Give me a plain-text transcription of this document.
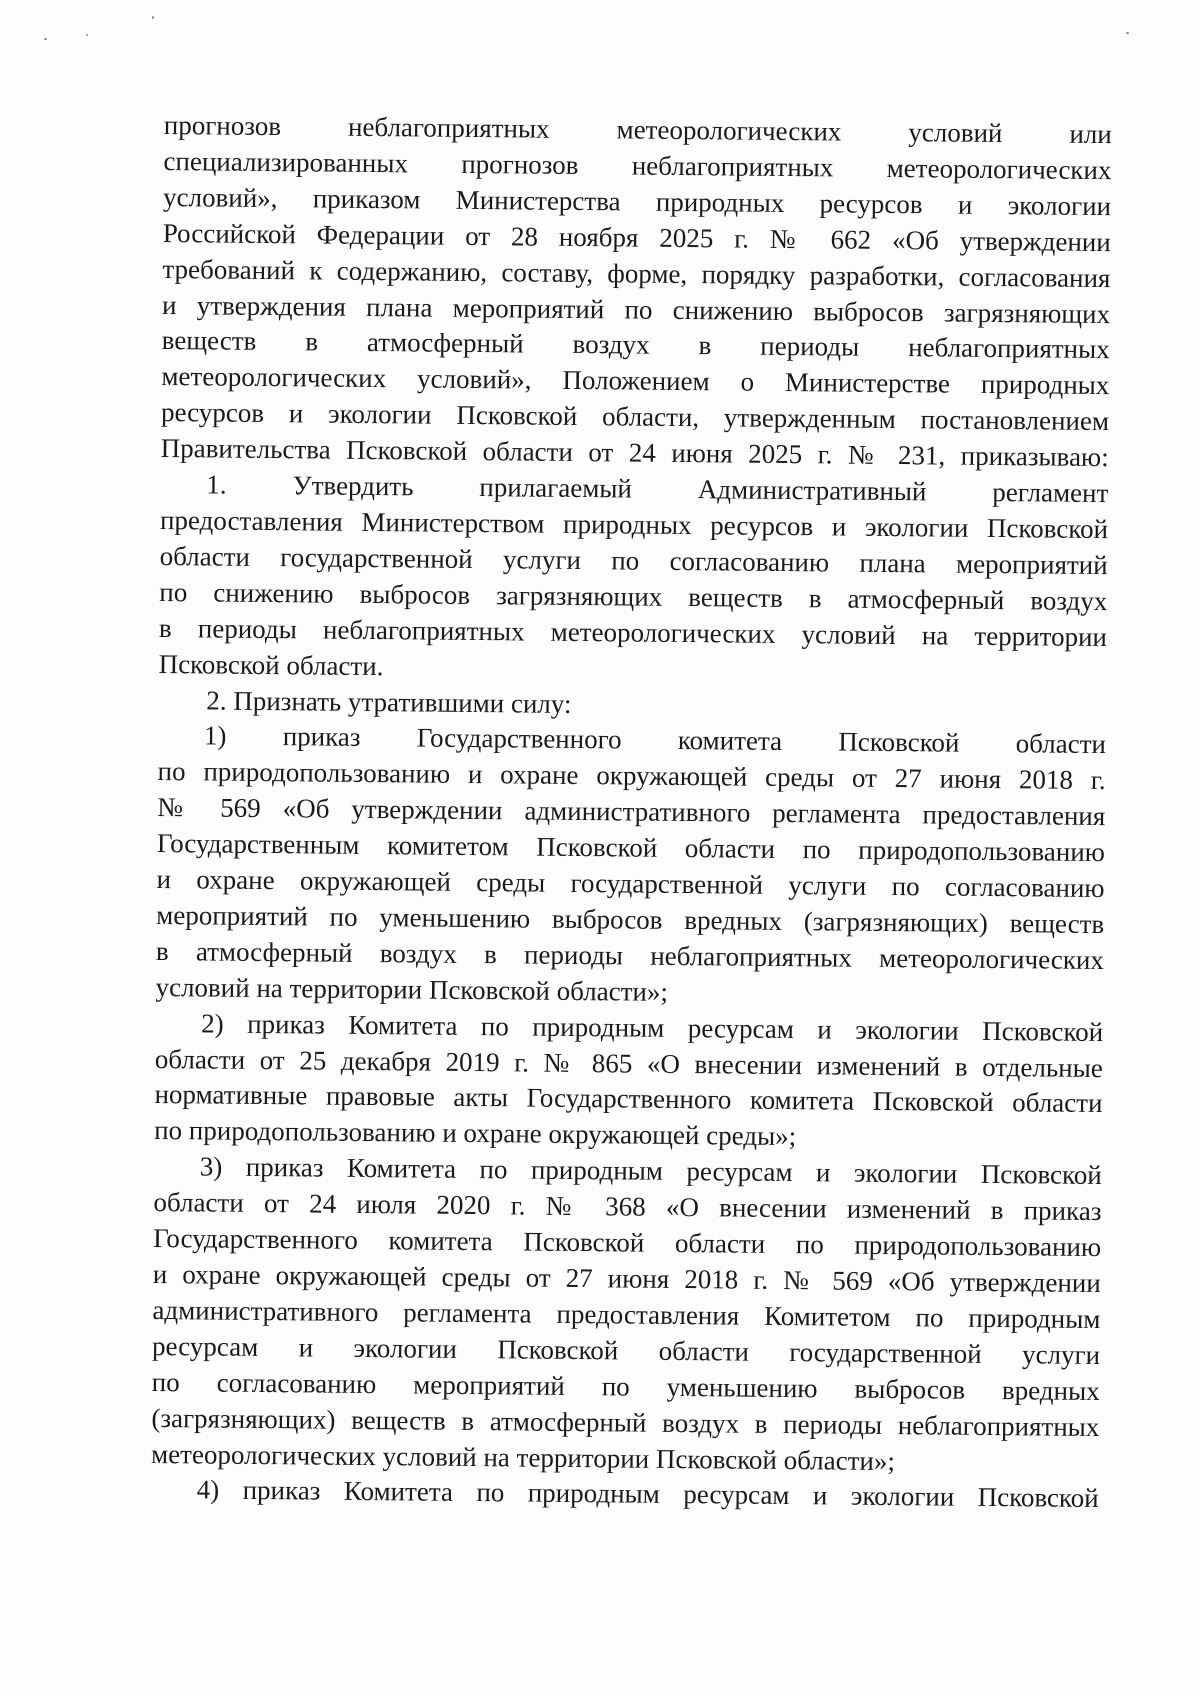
прогнозов неблагоприятных метеорологических условий или
специализированных прогнозов неблагоприятных метеорологических
условий», приказом Министерства природных ресурсов и экологии
Российской Федерации от 28 ноября 2025 г. № 662 «Об утверждении
требований к содержанию, составу, форме, порядку разработки, согласования
и утверждения плана мероприятий по снижению выбросов загрязняющих
веществ в атмосферный воздух в периоды неблагоприятных
метеорологических условий», Положением о Министерстве природных
ресурсов и экологии Псковской области, утвержденным постановлением
Правительства Псковской области от 24 июня 2025 г. № 231, приказываю:
1. Утвердить прилагаемый Административный регламент
предоставления Министерством природных ресурсов и экологии Псковской
области государственной услуги по согласованию плана мероприятий
по снижению выбросов загрязняющих веществ в атмосферный воздух
в периоды неблагоприятных метеорологических условий на территории
Псковской области.
2. Признать утратившими силу:
1) приказ Государственного комитета Псковской области
по природопользованию и охране окружающей среды от 27 июня 2018 г.
№ 569 «Об утверждении административного регламента предоставления
Государственным комитетом Псковской области по природопользованию
и охране окружающей среды государственной услуги по согласованию
мероприятий по уменьшению выбросов вредных (загрязняющих) веществ
в атмосферный воздух в периоды неблагоприятных метеорологических
условий на территории Псковской области»;
2) приказ Комитета по природным ресурсам и экологии Псковской
области от 25 декабря 2019 г. № 865 «О внесении изменений в отдельные
нормативные правовые акты Государственного комитета Псковской области
по природопользованию и охране окружающей среды»;
3) приказ Комитета по природным ресурсам и экологии Псковской
области от 24 июля 2020 г. № 368 «О внесении изменений в приказ
Государственного комитета Псковской области по природопользованию
и охране окружающей среды от 27 июня 2018 г. № 569 «Об утверждении
административного регламента предоставления Комитетом по природным
ресурсам и экологии Псковской области государственной услуги
по согласованию мероприятий по уменьшению выбросов вредных
(загрязняющих) веществ в атмосферный воздух в периоды неблагоприятных
метеорологических условий на территории Псковской области»;
4) приказ Комитета по природным ресурсам и экологии Псковской
